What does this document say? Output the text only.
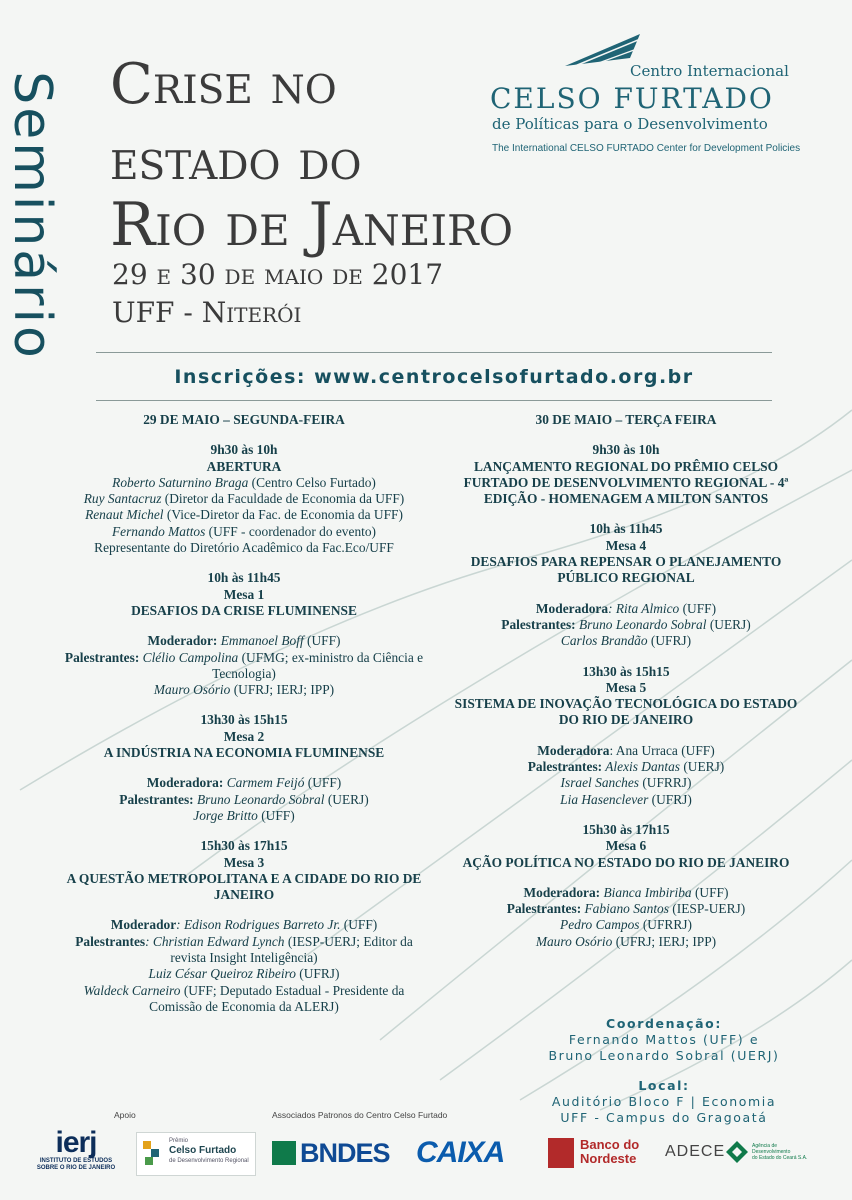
Seminário Crise no
estado do
Rio de Janeiro
29 e 30 de maio de 2017
UFF - Niterói
Centro Internacional
CELSO FURTADO
de Políticas para o Desenvolvimento
The International CELSO FURTADO Center for Development Policies
Inscrições: www.centrocelsofurtado.org.br
29 DE MAIO – SEGUNDA-FEIRA
9h30 às 10h
ABERTURA
Roberto Saturnino Braga (Centro Celso Furtado)
Ruy Santacruz (Diretor da Faculdade de Economia da UFF)
Renaut Michel (Vice-Diretor da Fac. de Economia da UFF)
Fernando Mattos (UFF - coordenador do evento)
Representante do Diretório Acadêmico da Fac.Eco/UFF
10h às 11h45
Mesa 1
DESAFIOS DA CRISE FLUMINENSE
Moderador: Emmanoel Boff (UFF)
Palestrantes: Clélio Campolina (UFMG; ex-ministro da Ciência e Tecnologia)
Mauro Osório (UFRJ; IERJ; IPP)
13h30 às 15h15
Mesa 2
A INDÚSTRIA NA ECONOMIA FLUMINENSE
Moderadora: Carmem Feijó (UFF)
Palestrantes: Bruno Leonardo Sobral (UERJ)
Jorge Britto (UFF)
15h30 às 17h15
Mesa 3
A QUESTÃO METROPOLITANA E A CIDADE DO RIO DE JANEIRO
Moderador: Edison Rodrigues Barreto Jr. (UFF)
Palestrantes: Christian Edward Lynch (IESP-UERJ; Editor da revista Insight Inteligência)
Luiz César Queiroz Ribeiro (UFRJ)
Waldeck Carneiro (UFF; Deputado Estadual - Presidente da Comissão de Economia da ALERJ)
30 DE MAIO – TERÇA FEIRA
9h30 às 10h
LANÇAMENTO REGIONAL DO PRÊMIO CELSO FURTADO DE DESENVOLVIMENTO REGIONAL - 4ª EDIÇÃO - HOMENAGEM A MILTON SANTOS
10h às 11h45
Mesa 4
DESAFIOS PARA REPENSAR O PLANEJAMENTO PÚBLICO REGIONAL
Moderadora: Rita Almico (UFF)
Palestrantes: Bruno Leonardo Sobral (UERJ)
Carlos Brandão (UFRJ)
13h30 às 15h15
Mesa 5
SISTEMA DE INOVAÇÃO TECNOLÓGICA DO ESTADO DO RIO DE JANEIRO
Moderadora: Ana Urraca (UFF)
Palestrantes: Alexis Dantas (UERJ)
Israel Sanches (UFRRJ)
Lia Hasenclever (UFRJ)
15h30 às 17h15
Mesa 6
AÇÃO POLÍTICA NO ESTADO DO RIO DE JANEIRO
Moderadora: Bianca Imbiriba (UFF)
Palestrantes: Fabiano Santos (IESP-UERJ)
Pedro Campos (UFRRJ)
Mauro Osório (UFRJ; IERJ; IPP)
Coordenação:
Fernando Mattos (UFF) e
Bruno Leonardo Sobral (UERJ)
Local:
Auditório Bloco F | Economia
UFF - Campus do Gragoatá
Apoio	Associados Patronos do Centro Celso Furtado
ierj
INSTITUTO DE ESTUDOS
SOBRE O RIO DE JANEIRO
Prêmio
Celso Furtado
de Desenvolvimento Regional BNDES CAIXA	Banco do
Nordeste ADECE	Agência de
Desenvolvimento
do Estado do Ceará S.A.
